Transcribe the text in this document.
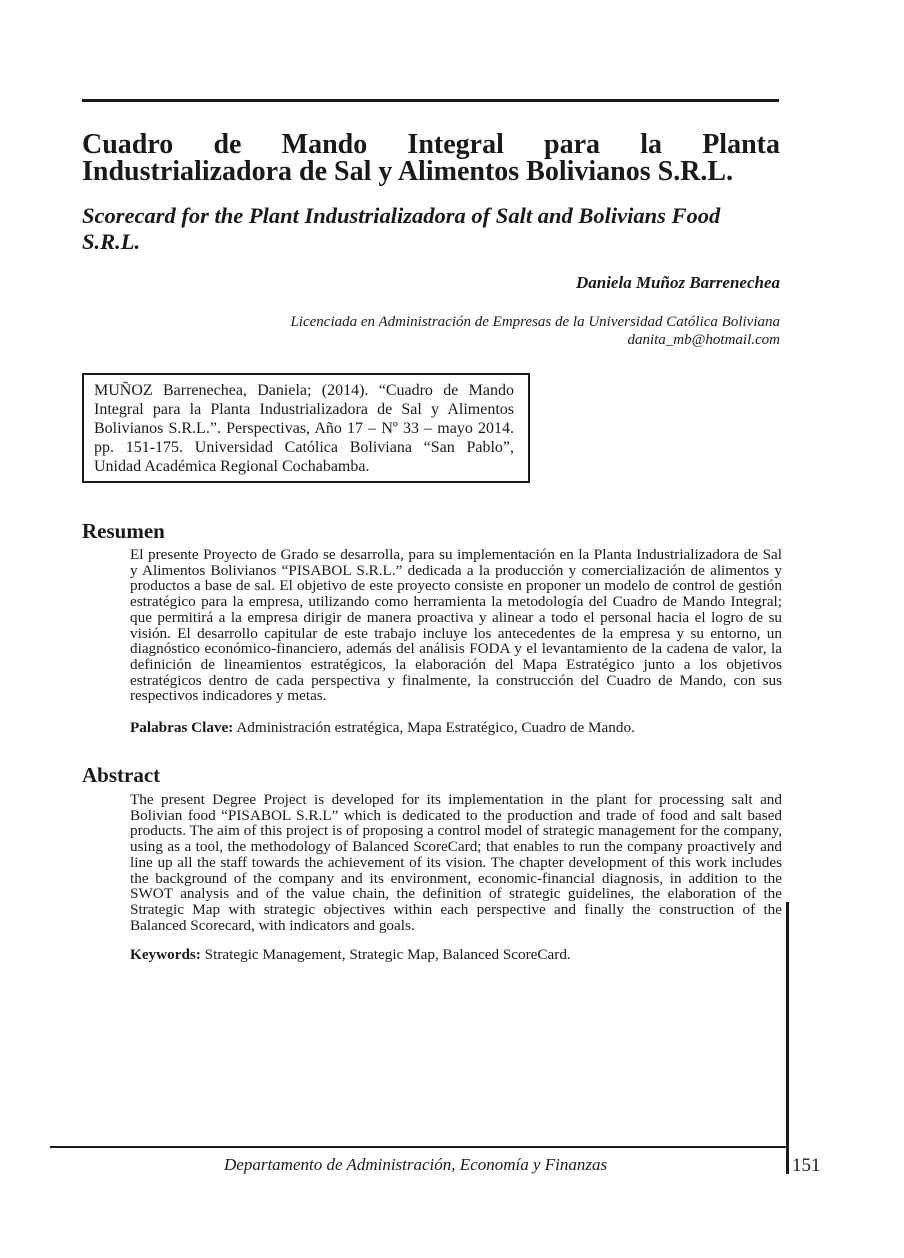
Cuadro de Mando Integral para la Planta Industrializadora de Sal y Alimentos Bolivianos S.R.L.
Scorecard for the Plant Industrializadora of Salt and Bolivians Food S.R.L.
Daniela Muñoz Barrenechea
Licenciada en Administración de Empresas de la Universidad Católica Boliviana
danita_mb@hotmail.com
MUÑOZ Barrenechea, Daniela; (2014). “Cuadro de Mando Integral para la Planta Industrializadora de Sal y Alimentos Bolivianos S.R.L.”. Perspectivas, Año 17 – Nº 33 – mayo 2014. pp. 151-175. Universidad Católica Boliviana “San Pablo”, Unidad Académica Regional Cochabamba.
Resumen

El presente Proyecto de Grado se desarrolla, para su implementación en la Planta Industrializadora de Sal y Alimentos Bolivianos “PISABOL S.R.L.” dedicada a la producción y comercialización de alimentos y productos a base de sal. El objetivo de este proyecto consiste en proponer un modelo de control de gestión estratégico para la empresa, utilizando como herramienta la metodología del Cuadro de Mando Integral; que permitirá a la empresa dirigir de manera proactiva y alinear a todo el personal hacia el logro de su visión. El desarrollo capitular de este trabajo incluye los antecedentes de la empresa y su entorno, un diagnóstico económico-financiero, además del análisis FODA y el levantamiento de la cadena de valor, la definición de lineamientos estratégicos, la elaboración del Mapa Estratégico junto a los objetivos estratégicos dentro de cada perspectiva y finalmente, la construcción del Cuadro de Mando, con sus respectivos indicadores y metas.

Palabras Clave: Administración estratégica, Mapa Estratégico, Cuadro de Mando.
Abstract

The present Degree Project is developed for its implementation in the plant for processing salt and Bolivian food “PISABOL S.R.L” which is dedicated to the production and trade of food and salt based products. The aim of this project is of proposing a control model of strategic management for the company, using as a tool, the methodology of Balanced ScoreCard; that enables to run the company proactively and line up all the staff towards the achievement of its vision. The chapter development of this work includes the background of the company and its environment, economic-financial diagnosis, in addition to the SWOT analysis and of the value chain, the definition of strategic guidelines, the elaboration of the Strategic Map with strategic objectives within each perspective and finally the construction of the Balanced Scorecard, with indicators and goals.

Keywords: Strategic Management, Strategic Map, Balanced ScoreCard.
Departamento de Administración, Economía y Finanzas	151
